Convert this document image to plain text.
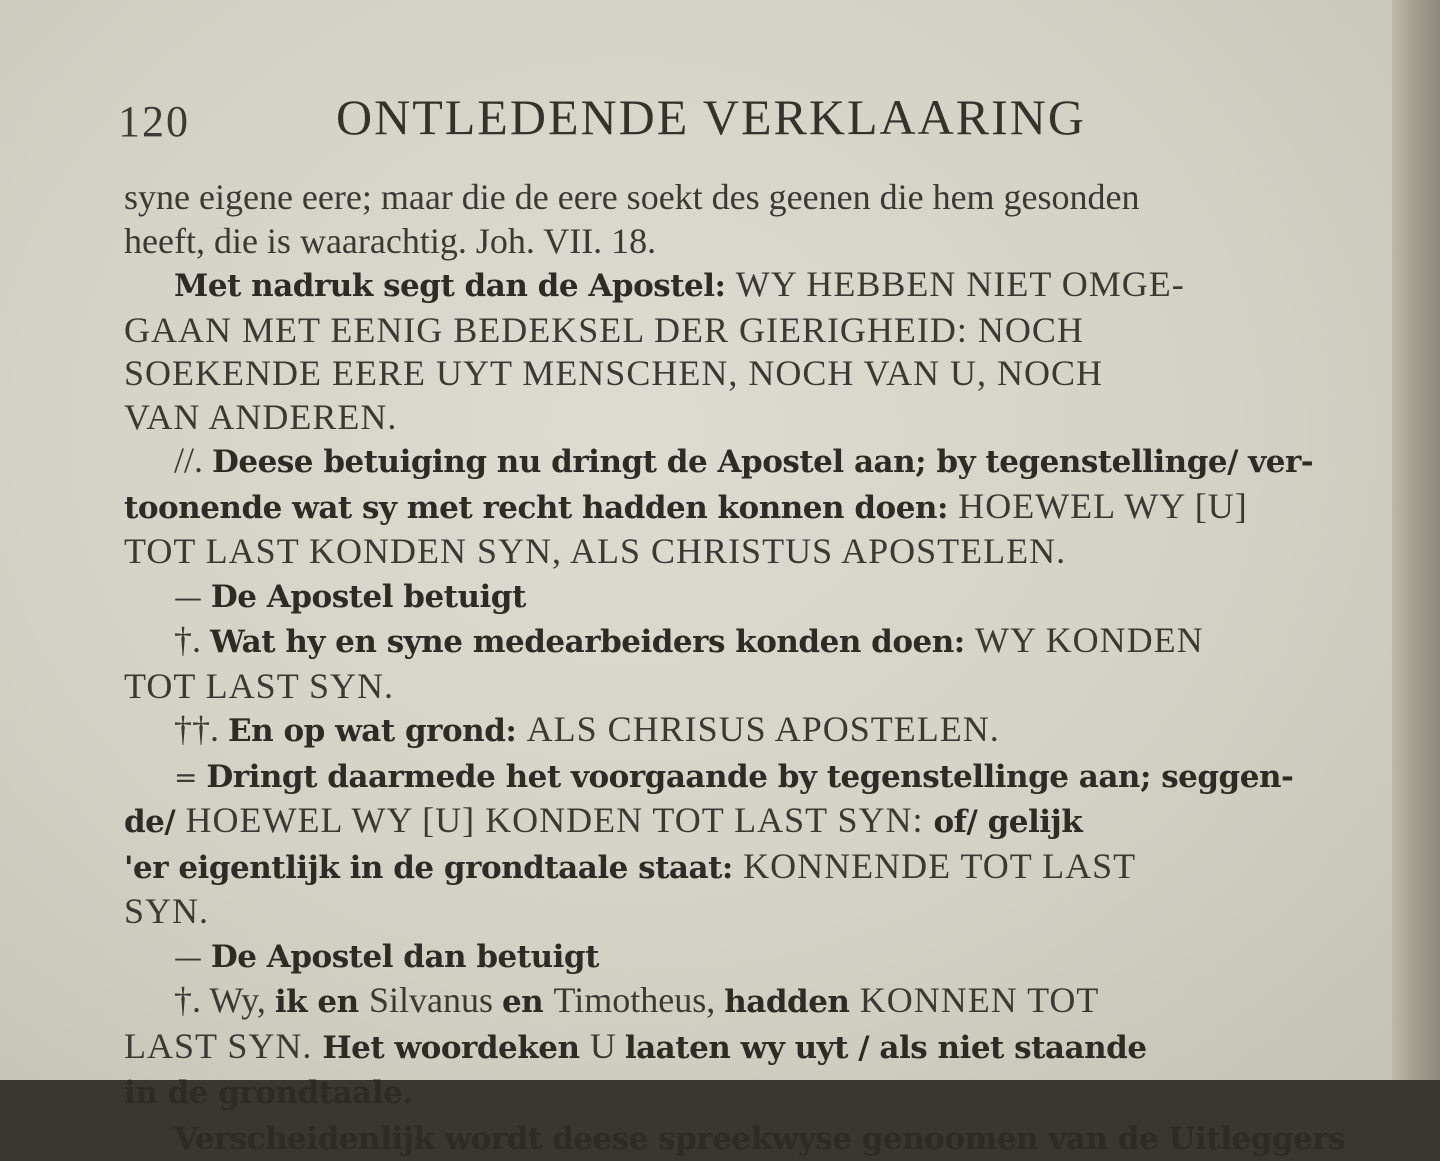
120	ONTLEDENDE VERKLAARING

syne eigene eere; maar die de eere soekt des geenen die hem gesonden

heeft, die is waarachtig. Joh. VII. 18.

Met nadruk segt dan de Apostel: WY HEBBEN NIET OMGE-

GAAN MET EENIG BEDEKSEL DER GIERIGHEID: NOCH

SOEKENDE EERE UYT MENSCHEN, NOCH VAN U, NOCH

VAN ANDEREN.

//. Deese betuiging nu dringt de Apostel aan; by tegenstellinge/ ver-

toonende wat sy met recht hadden konnen doen: HOEWEL WY [U]

TOT LAST KONDEN SYN, ALS CHRISTUS APOSTELEN.

— De Apostel betuigt

†. Wat hy en syne medearbeiders konden doen: WY KONDEN

TOT LAST SYN.

††. En op wat grond: ALS CHRISUS APOSTELEN.

= Dringt daarmede het voorgaande by tegenstellinge aan; seggen-

de/ HOEWEL WY [U] KONDEN TOT LAST SYN: of/ gelijk

'er eigentlijk in de grondtaale staat: KONNENDE TOT LAST

SYN.

— De Apostel dan betuigt

†. Wy, ik en Silvanus en Timotheus, hadden KONNEN TOT

LAST SYN. Het woordeken U laaten wy uyt / als niet staande

in de grondtaale.

Verscheidenlijk wordt deese spreekwyse genoomen van de Uitleggers
